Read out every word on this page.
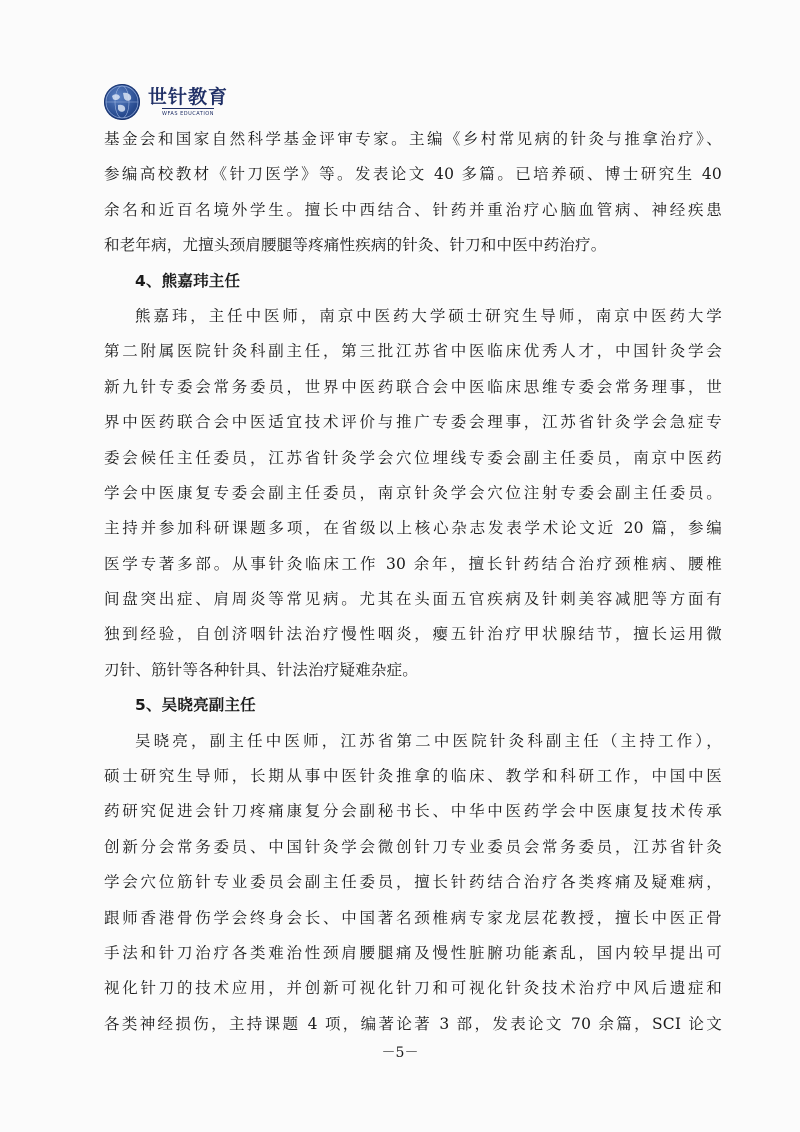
世针教育
WFAS EDUCATION
基金会和国家自然科学基金评审专家。主编《乡村常见病的针灸与推拿治疗》、
参编高校教材《针刀医学》等。发表论文 40 多篇。已培养硕、博士研究生 40
余名和近百名境外学生。擅长中西结合、针药并重治疗心脑血管病、神经疾患
和老年病，尤擅头颈肩腰腿等疼痛性疾病的针灸、针刀和中医中药治疗。
4、熊嘉玮主任
熊嘉玮，主任中医师，南京中医药大学硕士研究生导师，南京中医药大学
第二附属医院针灸科副主任，第三批江苏省中医临床优秀人才，中国针灸学会
新九针专委会常务委员，世界中医药联合会中医临床思维专委会常务理事，世
界中医药联合会中医适宜技术评价与推广专委会理事，江苏省针灸学会急症专
委会候任主任委员，江苏省针灸学会穴位埋线专委会副主任委员，南京中医药
学会中医康复专委会副主任委员，南京针灸学会穴位注射专委会副主任委员。
主持并参加科研课题多项，在省级以上核心杂志发表学术论文近 20 篇，参编
医学专著多部。从事针灸临床工作 30 余年，擅长针药结合治疗颈椎病、腰椎
间盘突出症、肩周炎等常见病。尤其在头面五官疾病及针刺美容减肥等方面有
独到经验，自创济咽针法治疗慢性咽炎，瘿五针治疗甲状腺结节，擅长运用微
刃针、筋针等各种针具、针法治疗疑难杂症。
5、吴晓亮副主任
吴晓亮，副主任中医师，江苏省第二中医院针灸科副主任（主持工作），
硕士研究生导师，长期从事中医针灸推拿的临床、教学和科研工作，中国中医
药研究促进会针刀疼痛康复分会副秘书长、中华中医药学会中医康复技术传承
创新分会常务委员、中国针灸学会微创针刀专业委员会常务委员，江苏省针灸
学会穴位筋针专业委员会副主任委员，擅长针药结合治疗各类疼痛及疑难病，
跟师香港骨伤学会终身会长、中国著名颈椎病专家龙层花教授，擅长中医正骨
手法和针刀治疗各类难治性颈肩腰腿痛及慢性脏腑功能紊乱，国内较早提出可
视化针刀的技术应用，并创新可视化针刀和可视化针灸技术治疗中风后遗症和
各类神经损伤，主持课题 4 项，编著论著 3 部，发表论文 70 余篇，SCI 论文
－5－
